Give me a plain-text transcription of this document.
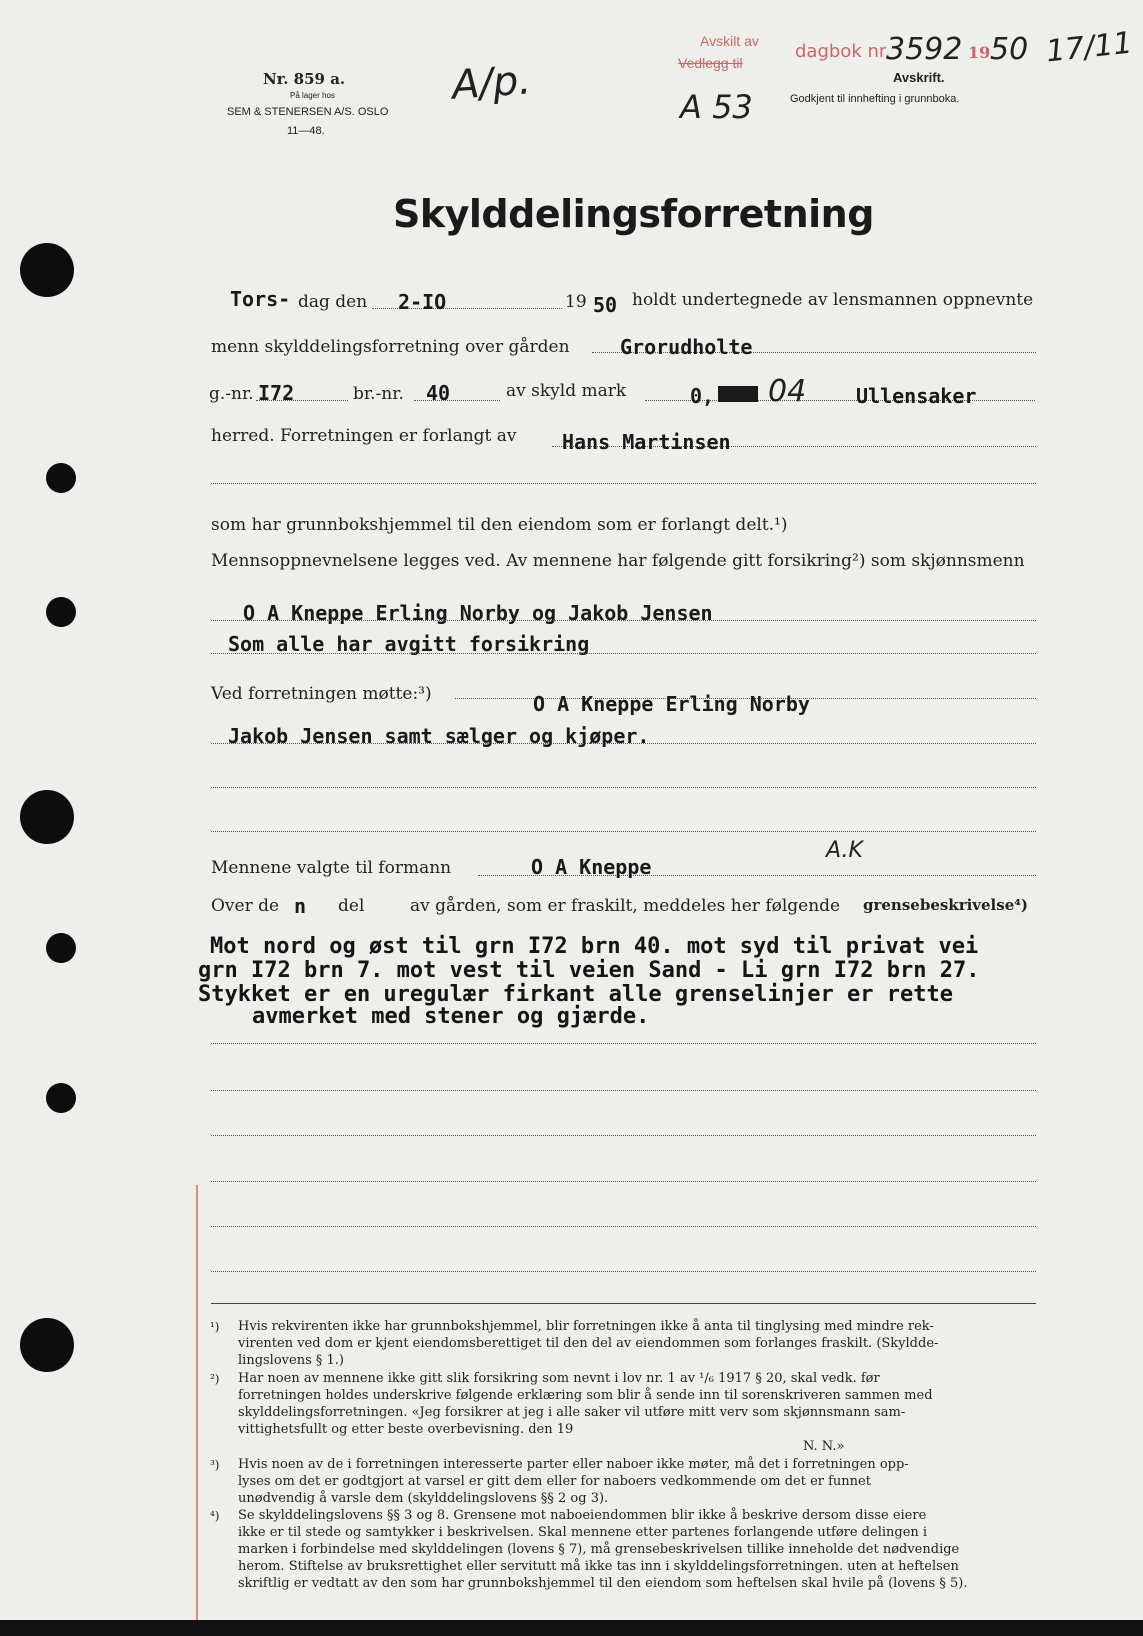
Nr. 859 a.
På lager hos
SEM & STENERSEN A/S. OSLO
11—48.
A/p.
Avskilt av
Vedlegg til
dagbok nr.
3592 19 50 17/11
A 53
Avskrift.
Godkjent til innhefting i grunnboka.
Skylddelingsforretning
Tors- dag den 2-IO	19 50 holdt undertegnede av lensmannen oppnevnte
menn skylddelingsforretning over gården	Grorudholte
g.-nr. I72	br.-nr. 40	av skyld mark	0, 04 Ullensaker
herred. Forretningen er forlangt av Hans Martinsen
som har grunnbokshjemmel til den eiendom som er forlangt delt.¹)
Mennsoppnevnelsene legges ved. Av mennene har følgende gitt forsikring²) som skjønnsmenn
O A Kneppe Erling Norby og Jakob Jensen
Som alle har avgitt forsikring
Ved forretningen møtte:³)	O A Kneppe Erling Norby
Jakob Jensen samt sælger og kjøper.
Mennene valgte til formann	O A Kneppe
A.K
Over de n del	av gården, som er fraskilt, meddeles her følgende grensebeskrivelse⁴)
Mot nord og øst til grn I72 brn 40. mot syd til privat vei
grn I72 brn 7. mot vest til veien Sand - Li grn I72 brn 27.
Stykket er en uregulær firkant alle grenselinjer er rette
avmerket med stener og gjærde.
¹) Hvis rekvirenten ikke har grunnbokshjemmel, blir forretningen ikke å anta til tinglysing med mindre rek-
virenten ved dom er kjent eiendomsberettiget til den del av eiendommen som forlanges fraskilt. (Skyldde-
lingslovens § 1.)
²) Har noen av mennene ikke gitt slik forsikring som nevnt i lov nr. 1 av ¹/₆ 1917 § 20, skal vedk. før
forretningen holdes underskrive følgende erklæring som blir å sende inn til sorenskriveren sammen med
skylddelingsforretningen. «Jeg forsikrer at jeg i alle saker vil utføre mitt verv som skjønnsmann sam-
vittighetsfullt og etter beste overbevisning. den 19
N. N.»
³) Hvis noen av de i forretningen interesserte parter eller naboer ikke møter, må det i forretningen opp-
lyses om det er godtgjort at varsel er gitt dem eller for naboers vedkommende om det er funnet
unødvendig å varsle dem (skylddelingslovens §§ 2 og 3).
⁴) Se skylddelingslovens §§ 3 og 8. Grensene mot naboeiendommen blir ikke å beskrive dersom disse eiere
ikke er til stede og samtykker i beskrivelsen. Skal mennene etter partenes forlangende utføre delingen i
marken i forbindelse med skylddelingen (lovens § 7), må grensebeskrivelsen tillike inneholde det nødvendige
herom. Stiftelse av bruksrettighet eller servitutt må ikke tas inn i skylddelingsforretningen. uten at heftelsen
skriftlig er vedtatt av den som har grunnbokshjemmel til den eiendom som heftelsen skal hvile på (lovens § 5).
